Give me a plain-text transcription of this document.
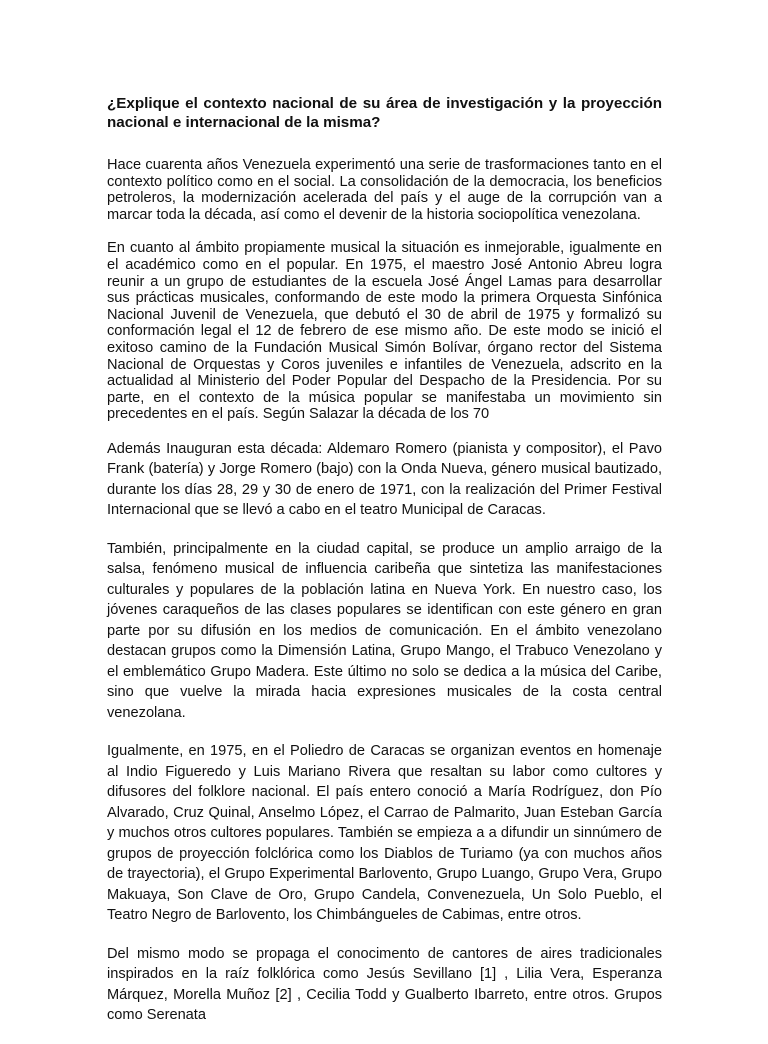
¿Explique el contexto nacional de su área de investigación y la proyección nacional e internacional de la misma?

Hace cuarenta años Venezuela experimentó una serie de trasformaciones tanto en el contexto político como en el social. La consolidación de la democracia, los beneficios petroleros, la modernización acelerada del país y el auge de la corrupción van a marcar toda la década, así como el devenir de la historia sociopolítica venezolana.

En cuanto al ámbito propiamente musical la situación es inmejorable, igualmente en el académico como en el popular. En 1975, el maestro José Antonio Abreu logra reunir a un grupo de estudiantes de la escuela José Ángel Lamas para desarrollar sus prácticas musicales, conformando de este modo la primera Orquesta Sinfónica Nacional Juvenil de Venezuela, que debutó el 30 de abril de 1975 y formalizó su conformación legal el 12 de febrero de ese mismo año. De este modo se inició el exitoso camino de la Fundación Musical Simón Bolívar, órgano rector del Sistema Nacional de Orquestas y Coros juveniles e infantiles de Venezuela, adscrito en la actualidad al Ministerio del Poder Popular del Despacho de la Presidencia. Por su parte, en el contexto de la música popular se manifestaba un movimiento sin precedentes en el país. Según Salazar la década de los 70

Además Inauguran esta década: Aldemaro Romero (pianista y compositor), el Pavo Frank (batería) y Jorge Romero (bajo) con la Onda Nueva, género musical bautizado, durante los días 28, 29 y 30 de enero de 1971, con la realización del Primer Festival Internacional que se llevó a cabo en el teatro Municipal de Caracas.

También, principalmente en la ciudad capital, se produce un amplio arraigo de la salsa, fenómeno musical de influencia caribeña que sintetiza las manifestaciones culturales y populares de la población latina en Nueva York. En nuestro caso, los jóvenes caraqueños de las clases populares se identifican con este género en gran parte por su difusión en los medios de comunicación. En el ámbito venezolano destacan grupos como la Dimensión Latina, Grupo Mango, el Trabuco Venezolano y el emblemático Grupo Madera. Este último no solo se dedica a la música del Caribe, sino que vuelve la mirada hacia expresiones musicales de la costa central venezolana.

Igualmente, en 1975, en el Poliedro de Caracas se organizan eventos en homenaje al Indio Figueredo y Luis Mariano Rivera que resaltan su labor como cultores y difusores del folklore nacional. El país entero conoció a María Rodríguez, don Pío Alvarado, Cruz Quinal, Anselmo López, el Carrao de Palmarito, Juan Esteban García y muchos otros cultores populares. También se empieza a a difundir un sinnúmero de grupos de proyección folclórica como los Diablos de Turiamo (ya con muchos años de trayectoria), el Grupo Experimental Barlovento, Grupo Luango, Grupo Vera, Grupo Makuaya, Son Clave de Oro, Grupo Candela, Convenezuela, Un Solo Pueblo, el Teatro Negro de Barlovento, los Chimbángueles de Cabimas, entre otros.

Del mismo modo se propaga el conocimento de cantores de aires tradicionales inspirados en la raíz folklórica como Jesús Sevillano [1] , Lilia Vera, Esperanza Márquez, Morella Muñoz [2] , Cecilia Todd y Gualberto Ibarreto, entre otros. Grupos como Serenata
